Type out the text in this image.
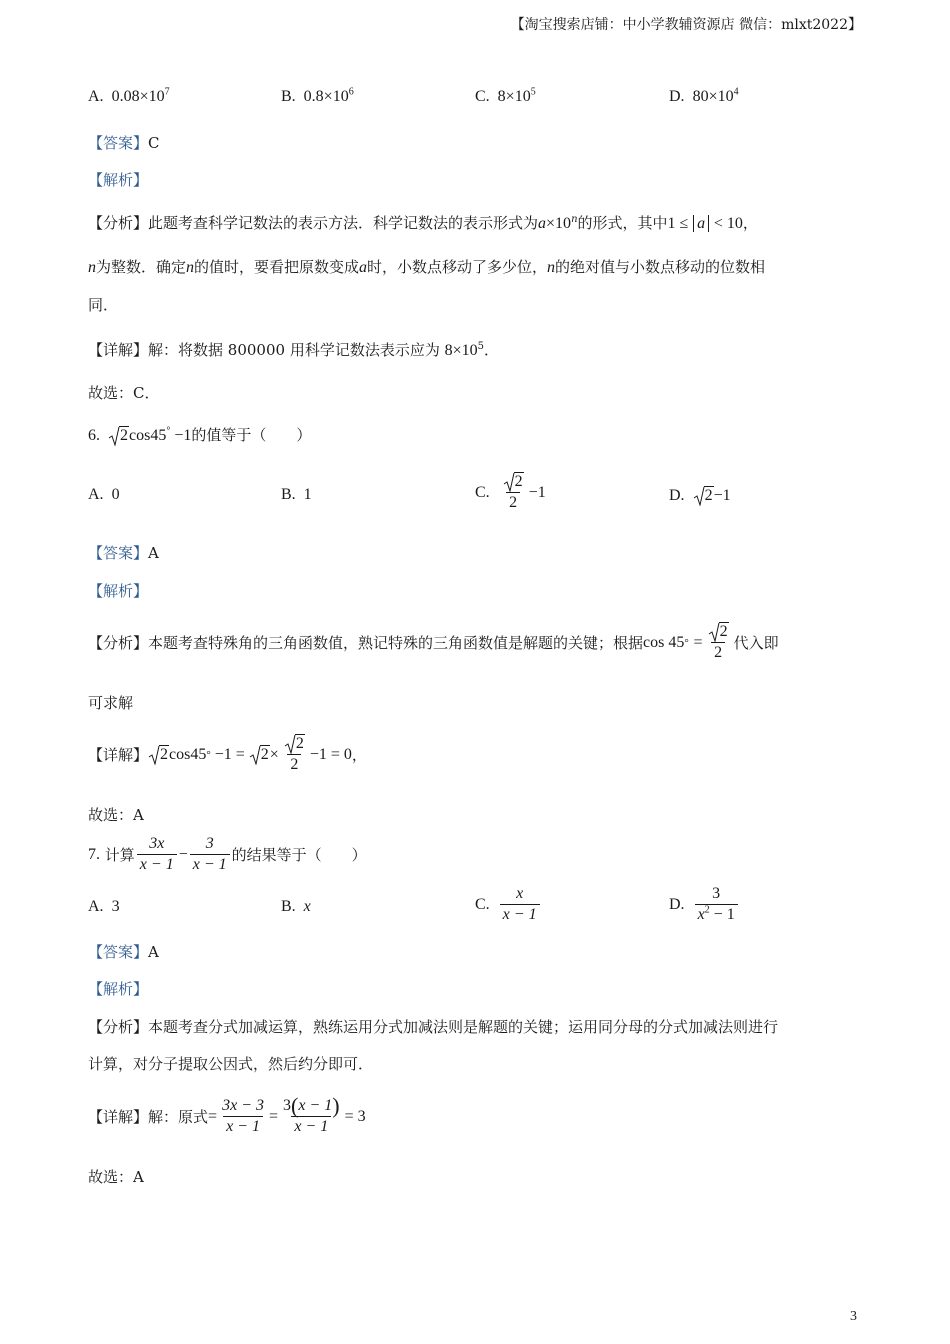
【淘宝搜索店铺：中小学教辅资源店 微信：mlxt2022】
A. $0.08\times 10^7$	B. $0.8\times 10^6$	C. $8\times 10^5$	D. $80\times 10^4$
【答案】C
【解析】
【分析】此题考查科学记数法的表示方法．科学记数法的表示形式为$a\times 10^n$的形式，其中1 ≤ a < 10，
n为整数．确定n的值时，要看把原数变成a时，小数点移动了多少位，n的绝对值与小数点移动的位数相
同．
【详解】解：将数据 800000 用科学记数法表示应为 $8\times 10^5$．
故选：C．
6. 2cos45° −1的值等于（　　）
A. 0	B. 1	C.
$\frac{2}{2} -1$	D. 2−1
【答案】A
【解析】
【分析】 本题考查特殊角的三角函数值，熟记特殊的三角函数值是解题的关键；根据 cos 45 °
= $\frac{2}{2}$ 代入即
可求解
【详解】 2 cos45 °
−1 =
	$2 \times \frac{2}{2} -1 = 0$ ，
故选：A
7.
计算 $\frac{3x}{x - 1} - \frac{3}{x - 1}$ 的结果等于（　　）
A. 3	B. x	C.
$\frac{x}{x - 1}$	D.
$\frac{3}{x^2 - 1}$
【答案】A
【解析】
【分析】本题考查分式加减运算，熟练运用分式加减法则是解题的关键；运用同分母的分式加减法则进行
计算，对分子提取公因式，然后约分即可．
【详解】 解：原式 = $\frac{3x - 3}{x - 1} = \frac{3(x - 1)}{x - 1} = 3$
故选：A
3
